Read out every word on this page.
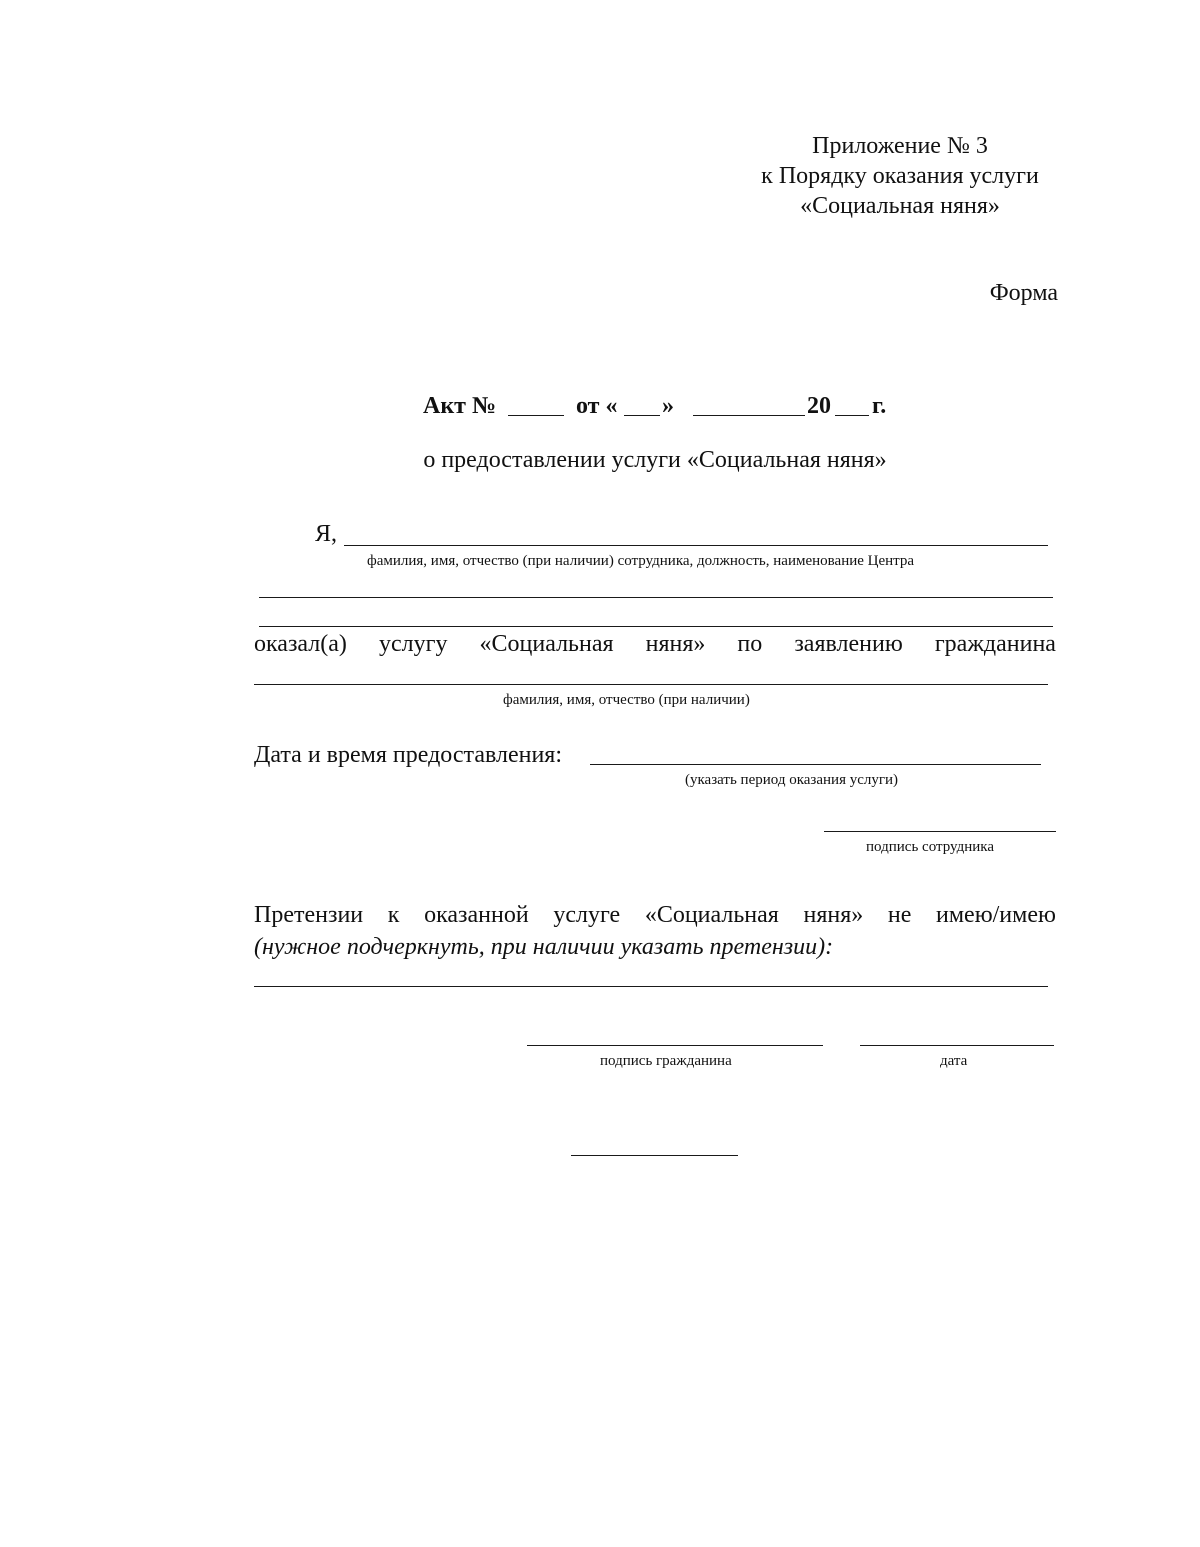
Приложение № 3
к Порядку оказания услуги
«Социальная няня»
Форма
Акт №	от « »	20 г.
о предоставлении услуги «Социальная няня»
Я,
фамилия, имя, отчество (при наличии) сотрудника, должность, наименование Центра
оказал(а) услугу «Социальная няня» по заявлению гражданина
фамилия, имя, отчество (при наличии)
Дата и время предоставления:
(указать период оказания услуги)
подпись сотрудника
Претензии к оказанной услуге «Социальная няня» не имею/имею
(нужное подчеркнуть, при наличии указать претензии):
подпись гражданина	дата
